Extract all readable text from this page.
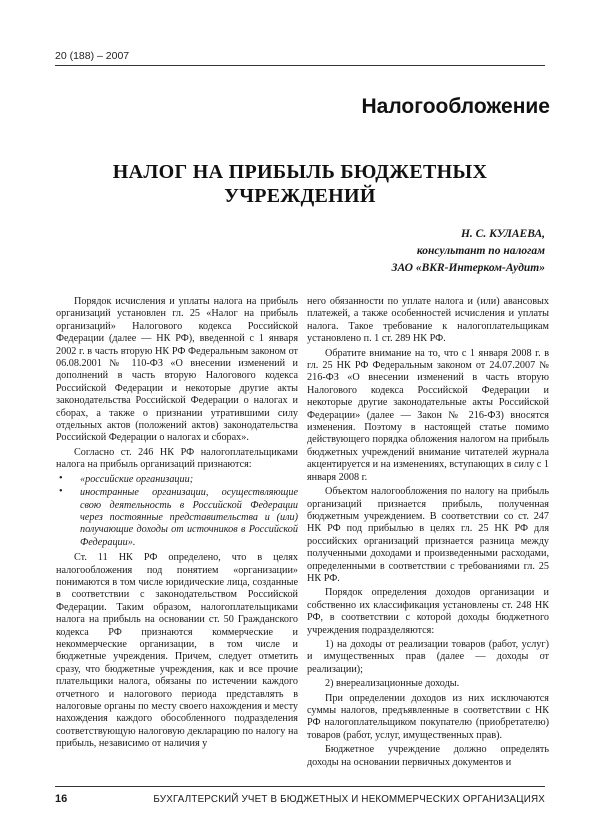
20 (188) – 2007
Налогообложение
НАЛОГ НА ПРИБЫЛЬ БЮДЖЕТНЫХ УЧРЕЖДЕНИЙ
Н. С. КУЛАЕВА,
консультант по налогам
ЗАО «BKR-Интерком-Аудит»

Порядок исчисления и уплаты налога на прибыль организаций установлен гл. 25 «Налог на прибыль организаций» Налогового кодекса Российской Федерации (далее — НК РФ), введенной с 1 января 2002 г. в часть вторую НК РФ Федеральным законом от 06.08.2001 № 110-ФЗ «О внесении изменений и дополнений в часть вторую Налогового кодекса Российской Федерации и некоторые другие акты законодательства Российской Федерации о налогах и сборах, а также о признании утратившими силу отдельных актов (положений актов) законодательства Российской Федерации о налогах и сборах».

Согласно ст. 246 НК РФ налогоплательщиками налога на прибыль организаций признаются:

• «российские организации;
• иностранные организации, осуществляющие свою деятельность в Российской Федерации через постоянные представительства и (или) получающие доходы от источников в Российской Федерации».

Ст. 11 НК РФ определено, что в целях налогообложения под понятием «организации» понимаются в том числе юридические лица, созданные в соответствии с законодательством Российской Федерации. Таким образом, налогоплательщиками налога на прибыль на основании ст. 50 Гражданского кодекса РФ признаются коммерческие и некоммерческие организации, в том числе и бюджетные учреждения. Причем, следует отметить сразу, что бюджетные учреждения, как и все прочие плательщики налога, обязаны по истечении каждого отчетного и налогового периода представлять в налоговые органы по месту своего нахождения и месту нахождения каждого обособленного подразделения соответствующую налоговую декларацию по налогу на прибыль, независимо от наличия у

него обязанности по уплате налога и (или) авансовых платежей, а также особенностей исчисления и уплаты налога. Такое требование к налогоплательщикам установлено п. 1 ст. 289 НК РФ.

Обратите внимание на то, что с 1 января 2008 г. в гл. 25 НК РФ Федеральным законом от 24.07.2007 № 216-ФЗ «О внесении изменений в часть вторую Налогового кодекса Российской Федерации и некоторые другие законодательные акты Российской Федерации» (далее — Закон № 216-ФЗ) вносятся изменения. Поэтому в настоящей статье помимо действующего порядка обложения налогом на прибыль бюджетных учреждений внимание читателей журнала акцентируется и на изменениях, вступающих в силу с 1 января 2008 г.

Объектом налогообложения по налогу на прибыль организаций признается прибыль, полученная бюджетным учреждением. В соответствии со ст. 247 НК РФ под прибылью в целях гл. 25 НК РФ для российских организаций признается разница между полученными доходами и произведенными расходами, определенными в соответствии с требованиями гл. 25 НК РФ.

Порядок определения доходов организации и собственно их классификация установлены ст. 248 НК РФ, в соответствии с которой доходы бюджетного учреждения подразделяются:

1) на доходы от реализации товаров (работ, услуг) и имущественных прав (далее — доходы от реализации);

2) внереализационные доходы.

При определении доходов из них исключаются суммы налогов, предъявленные в соответствии с НК РФ налогоплательщиком покупателю (приобретателю) товаров (работ, услуг, имущественных прав).

Бюджетное учреждение должно определять доходы на основании первичных документов и

16	БУХГАЛТЕРСКИЙ УЧЕТ В БЮДЖЕТНЫХ И НЕКОММЕРЧЕСКИХ ОРГАНИЗАЦИЯХ
